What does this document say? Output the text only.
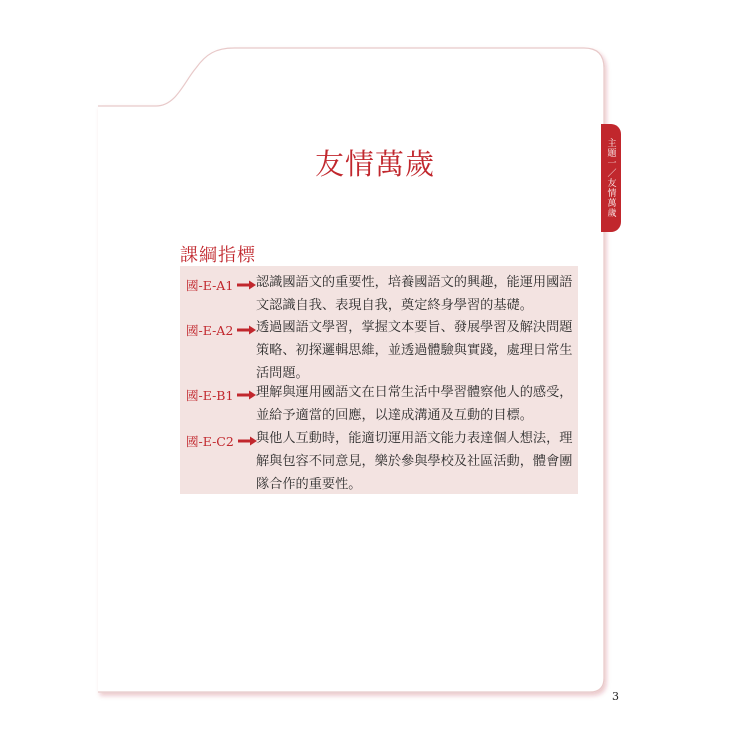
主題一／友情萬歲
友情萬歲
課綱指標
國-E-A1 認識國語文的重要性，培養國語文的興趣，能運用國語文認識自我、表現自我，奠定終身學習的基礎。
國-E-A2 透過國語文學習，掌握文本要旨、發展學習及解決問題策略、初探邏輯思維，並透過體驗與實踐，處理日常生活問題。
國-E-B1 理解與運用國語文在日常生活中學習體察他人的感受，並給予適當的回應，以達成溝通及互動的目標。
國-E-C2 與他人互動時，能適切運用語文能力表達個人想法，理解與包容不同意見，樂於參與學校及社區活動，體會團隊合作的重要性。
3
